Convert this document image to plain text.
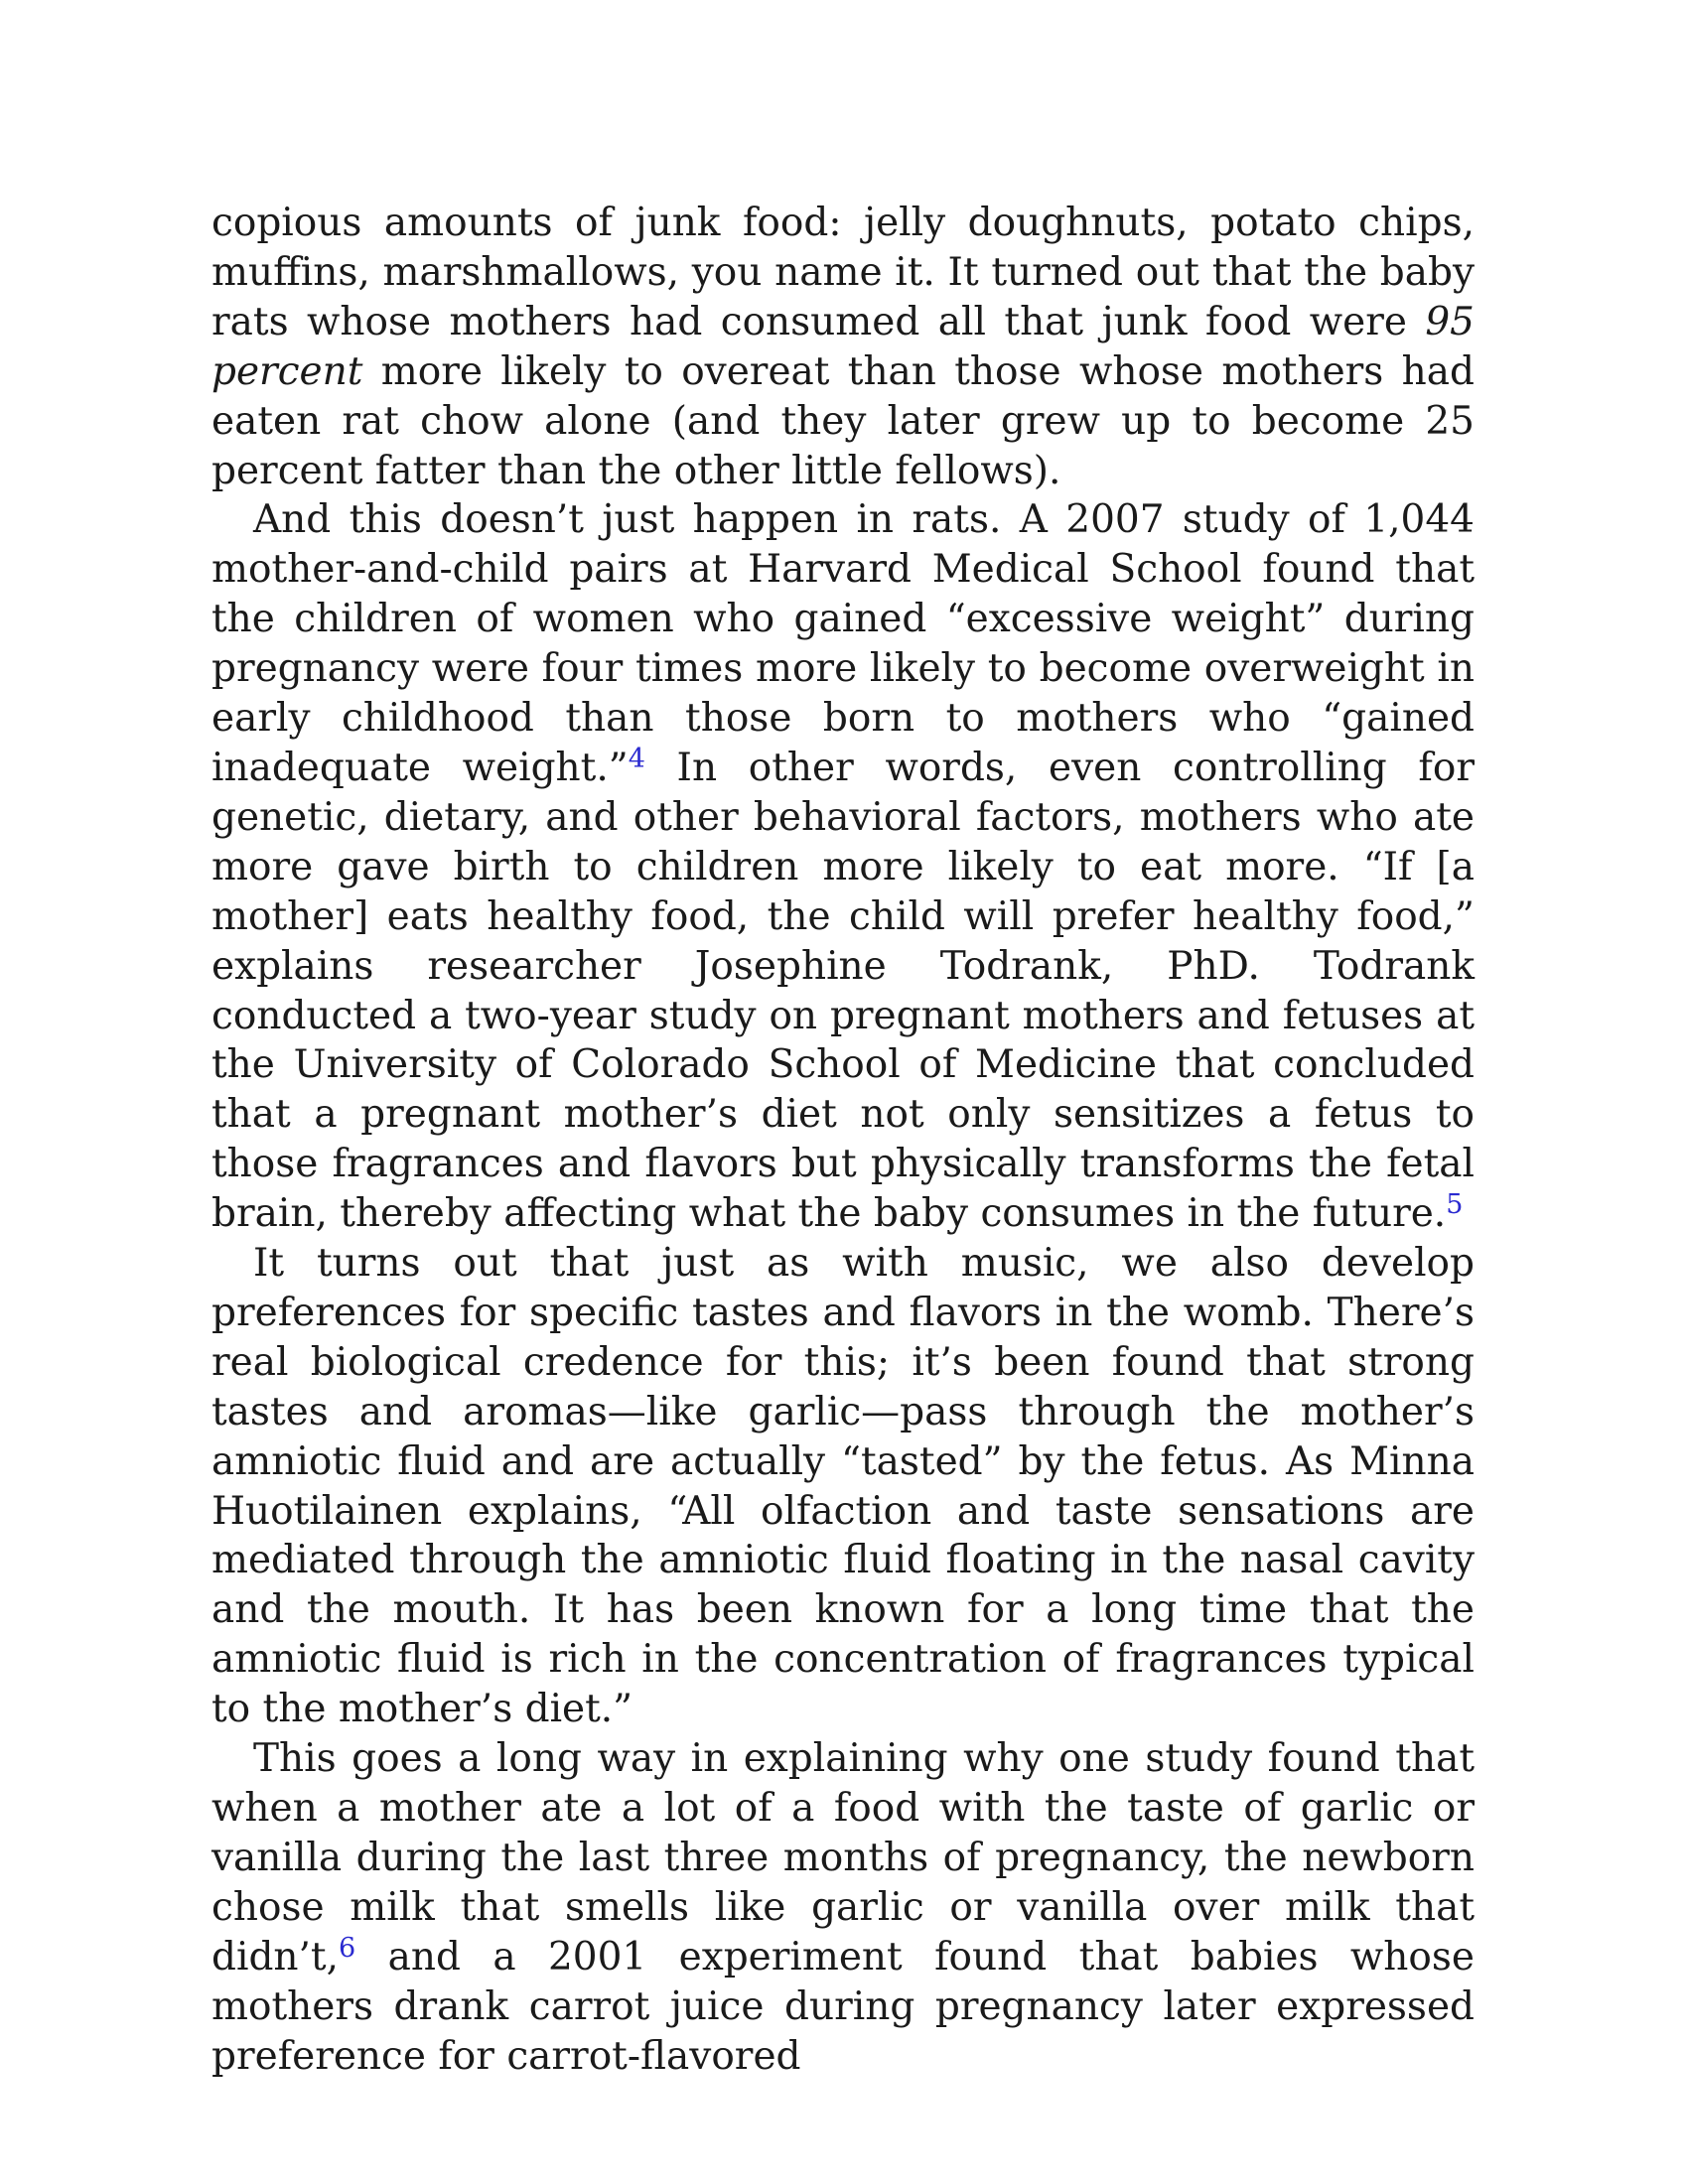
copious amounts of junk food: jelly doughnuts, potato chips, muffins, marshmallows, you name it. It turned out that the baby rats whose mothers had consumed all that junk food were 95 percent more likely to overeat than those whose mothers had eaten rat chow alone (and they later grew up to become 25 percent fatter than the other little fellows).

And this doesn’t just happen in rats. A 2007 study of 1,044 mother-and-child pairs at Harvard Medical School found that the children of women who gained “excessive weight” during pregnancy were four times more likely to become overweight in early childhood than those born to mothers who “gained inadequate weight.”$^4$ In other words, even controlling for genetic, dietary, and other behavioral factors, mothers who ate more gave birth to children more likely to eat more. “If [a mother] eats healthy food, the child will prefer healthy food,” explains researcher Josephine Todrank, PhD. Todrank conducted a two-year study on pregnant mothers and fetuses at the University of Colorado School of Medicine that concluded that a pregnant mother’s diet not only sensitizes a fetus to those fragrances and flavors but physically transforms the fetal brain, thereby affecting what the baby consumes in the future.$^5$

It turns out that just as with music, we also develop preferences for specific tastes and flavors in the womb. There’s real biological credence for this; it’s been found that strong tastes and aromas—like garlic—pass through the mother’s amniotic fluid and are actually “tasted” by the fetus. As Minna Huotilainen explains, “All olfaction and taste sensations are mediated through the amniotic fluid floating in the nasal cavity and the mouth. It has been known for a long time that the amniotic fluid is rich in the concentration of fragrances typical to the mother’s diet.”

This goes a long way in explaining why one study found that when a mother ate a lot of a food with the taste of garlic or vanilla during the last three months of pregnancy, the newborn chose milk that smells like garlic or vanilla over milk that didn’t,$^6$ and a 2001 experiment found that babies whose mothers drank carrot juice during pregnancy later expressed preference for carrot-flavored
